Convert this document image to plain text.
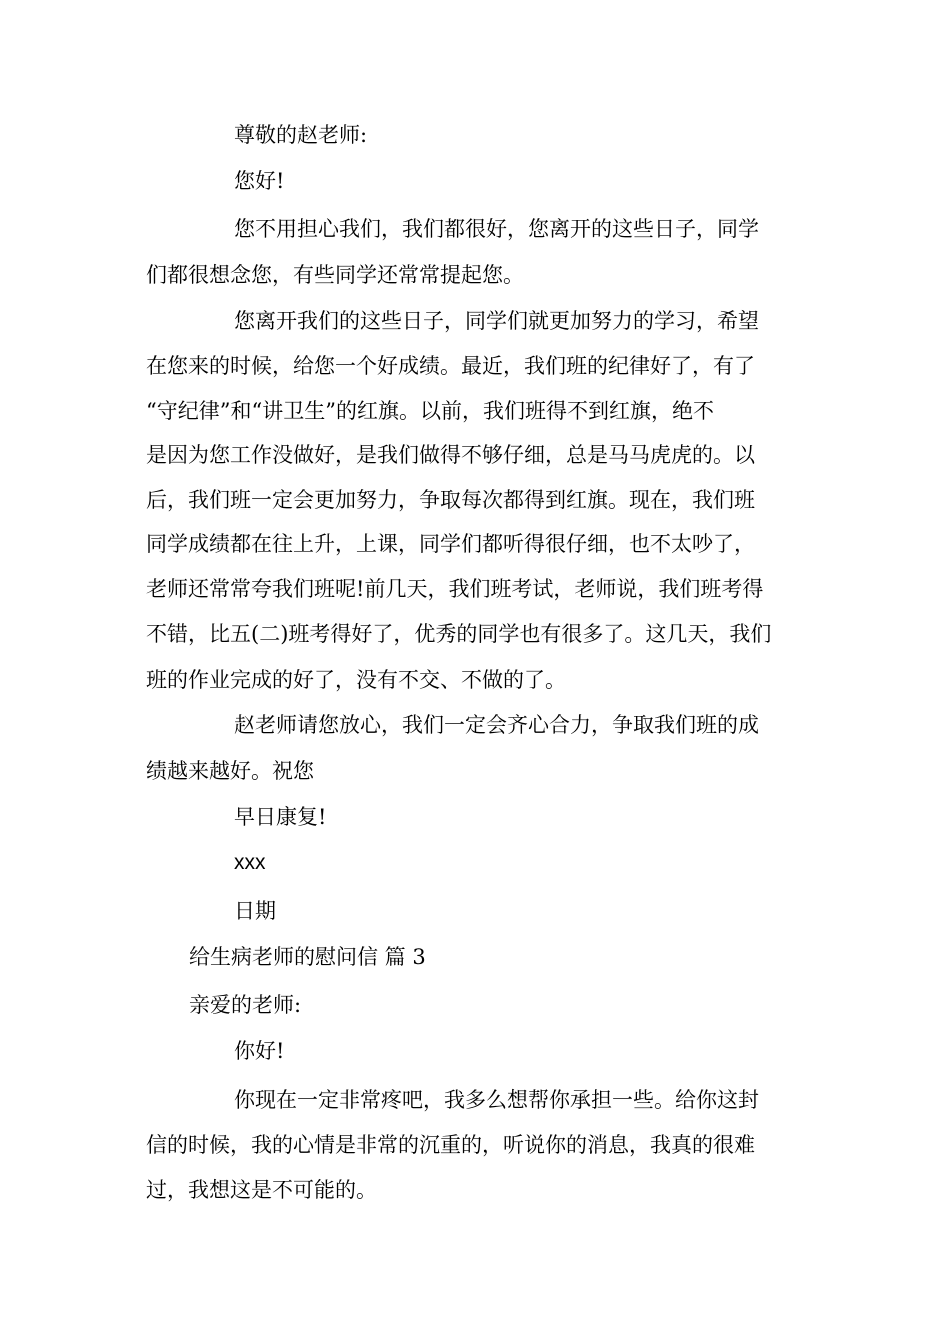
尊敬的赵老师:
您好!
您不用担心我们，我们都很好，您离开的这些日子，同学
们都很想念您，有些同学还常常提起您。
您离开我们的这些日子，同学们就更加努力的学习，希望
在您来的时候，给您一个好成绩。最近，我们班的纪律好了，有了
“守纪律”和“讲卫生”的红旗。以前，我们班得不到红旗，绝不
是因为您工作没做好，是我们做得不够仔细，总是马马虎虎的。以
后，我们班一定会更加努力，争取每次都得到红旗。现在，我们班
同学成绩都在往上升，上课，同学们都听得很仔细，也不太吵了，
老师还常常夸我们班呢!前几天，我们班考试，老师说，我们班考得
不错，比五(二)班考得好了，优秀的同学也有很多了。这几天，我们
班的作业完成的好了，没有不交、不做的了。
赵老师请您放心，我们一定会齐心合力，争取我们班的成
绩越来越好。祝您
早日康复!
xxx
日期
给生病老师的慰问信 篇 3
亲爱的老师:
你好!
你现在一定非常疼吧，我多么想帮你承担一些。给你这封
信的时候，我的心情是非常的沉重的，听说你的消息，我真的很难
过，我想这是不可能的。
